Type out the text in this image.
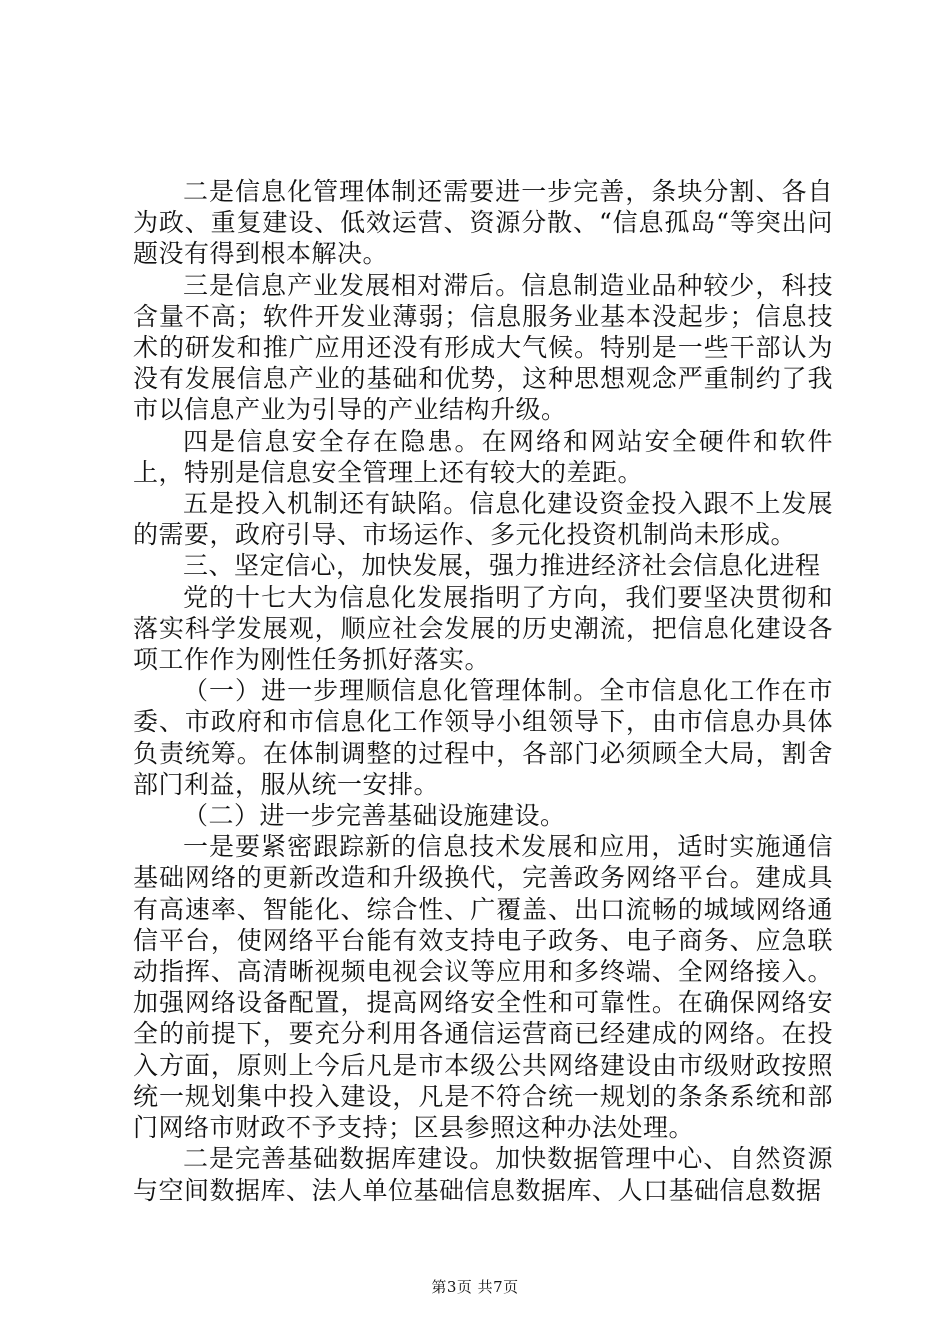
二是信息化管理体制还需要进一步完善，条块分割、各自为政、重复建设、低效运营、资源分散、“信息孤岛“等突出问题没有得到根本解决。

三是信息产业发展相对滞后。信息制造业品种较少，科技含量不高；软件开发业薄弱；信息服务业基本没起步；信息技术的研发和推广应用还没有形成大气候。特别是一些干部认为没有发展信息产业的基础和优势，这种思想观念严重制约了我市以信息产业为引导的产业结构升级。

四是信息安全存在隐患。在网络和网站安全硬件和软件上，特别是信息安全管理上还有较大的差距。

五是投入机制还有缺陷。信息化建设资金投入跟不上发展的需要，政府引导、市场运作、多元化投资机制尚未形成。

三、坚定信心，加快发展，强力推进经济社会信息化进程

党的十七大为信息化发展指明了方向，我们要坚决贯彻和落实科学发展观，顺应社会发展的历史潮流，把信息化建设各项工作作为刚性任务抓好落实。

（一）进一步理顺信息化管理体制。全市信息化工作在市委、市政府和市信息化工作领导小组领导下，由市信息办具体负责统筹。在体制调整的过程中，各部门必须顾全大局，割舍部门利益，服从统一安排。

（二）进一步完善基础设施建设。

一是要紧密跟踪新的信息技术发展和应用，适时实施通信基础网络的更新改造和升级换代，完善政务网络平台。建成具有高速率、智能化、综合性、广覆盖、出口流畅的城域网络通信平台，使网络平台能有效支持电子政务、电子商务、应急联动指挥、高清晰视频电视会议等应用和多终端、全网络接入。加强网络设备配置，提高网络安全性和可靠性。在确保网络安全的前提下，要充分利用各通信运营商已经建成的网络。在投入方面，原则上今后凡是市本级公共网络建设由市级财政按照统一规划集中投入建设，凡是不符合统一规划的条条系统和部门网络市财政不予支持；区县参照这种办法处理。

二是完善基础数据库建设。加快数据管理中心、自然资源与空间数据库、法人单位基础信息数据库、人口基础信息数据

第3页 共7页
